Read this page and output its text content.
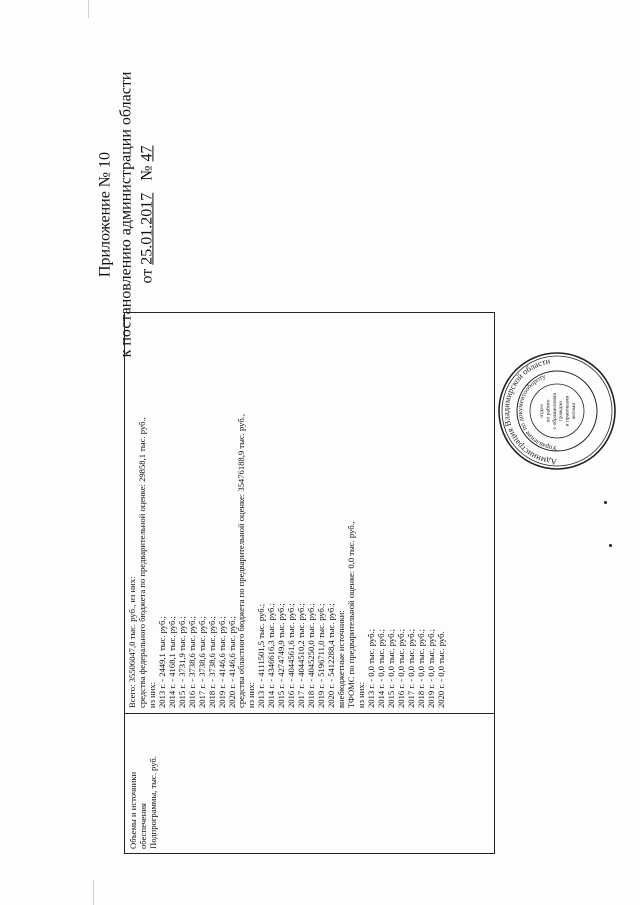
Приложение № 10 к постановлению администрации области от 25.01.2017   № 47
Объемы и источники обеспечения Подпрограммы, тыс. руб.
Всего: 35506047,0 тыс. руб., из них: средства федерального бюджета по предварительной оценке: 29858,1 тыс. руб., из них: 2013 г. - 2449,1 тыс. руб.; 2014 г. - 4168,1 тыс. руб.; 2015 г. - 3731,9 тыс. руб.; 2016 г. - 3738,6 тыс. руб.; 2017 г. - 3738,6 тыс. руб.; 2018 г. - 3738,6 тыс. руб.; 2019 г. - 4146,6 тыс. руб.; 2020 г. - 4146,6 тыс. руб.; средства областного бюджета по предварительной оценке: 35476188,9 тыс. руб., из них: 2013 г. - 4111501,5 тыс. руб.; 2014 г. - 4346616,3 тыс. руб.; 2015 г. - 4274749,9 тыс. руб.; 2016 г. - 4044561,6 тыс. руб.; 2017 г. - 4044510,2 тыс. руб.; 2018 г. - 4045250,0 тыс. руб.; 2019 г. - 5196711,0 тыс. руб.; 2020 г. - 5412288,4 тыс. руб.; внебюджетные источники: ТФОМС по предварительной оценке: 0,0 тыс. руб., из них: 2013 г. - 0,0 тыс. руб.; 2014 г. - 0,0 тыс. руб.; 2015 г. - 0,0 тыс. руб.; 2016 г. - 0,0 тыс. руб.; 2017 г. - 0,0 тыс. руб.; 2018 г. - 0,0 тыс. руб.; 2019 г. - 0,0 тыс. руб.; 2020 г. - 0,0 тыс. руб.
Администрация Владимирской области
Управление по документообороту
отдел по работе с обращениями граждан и правовыми актами
